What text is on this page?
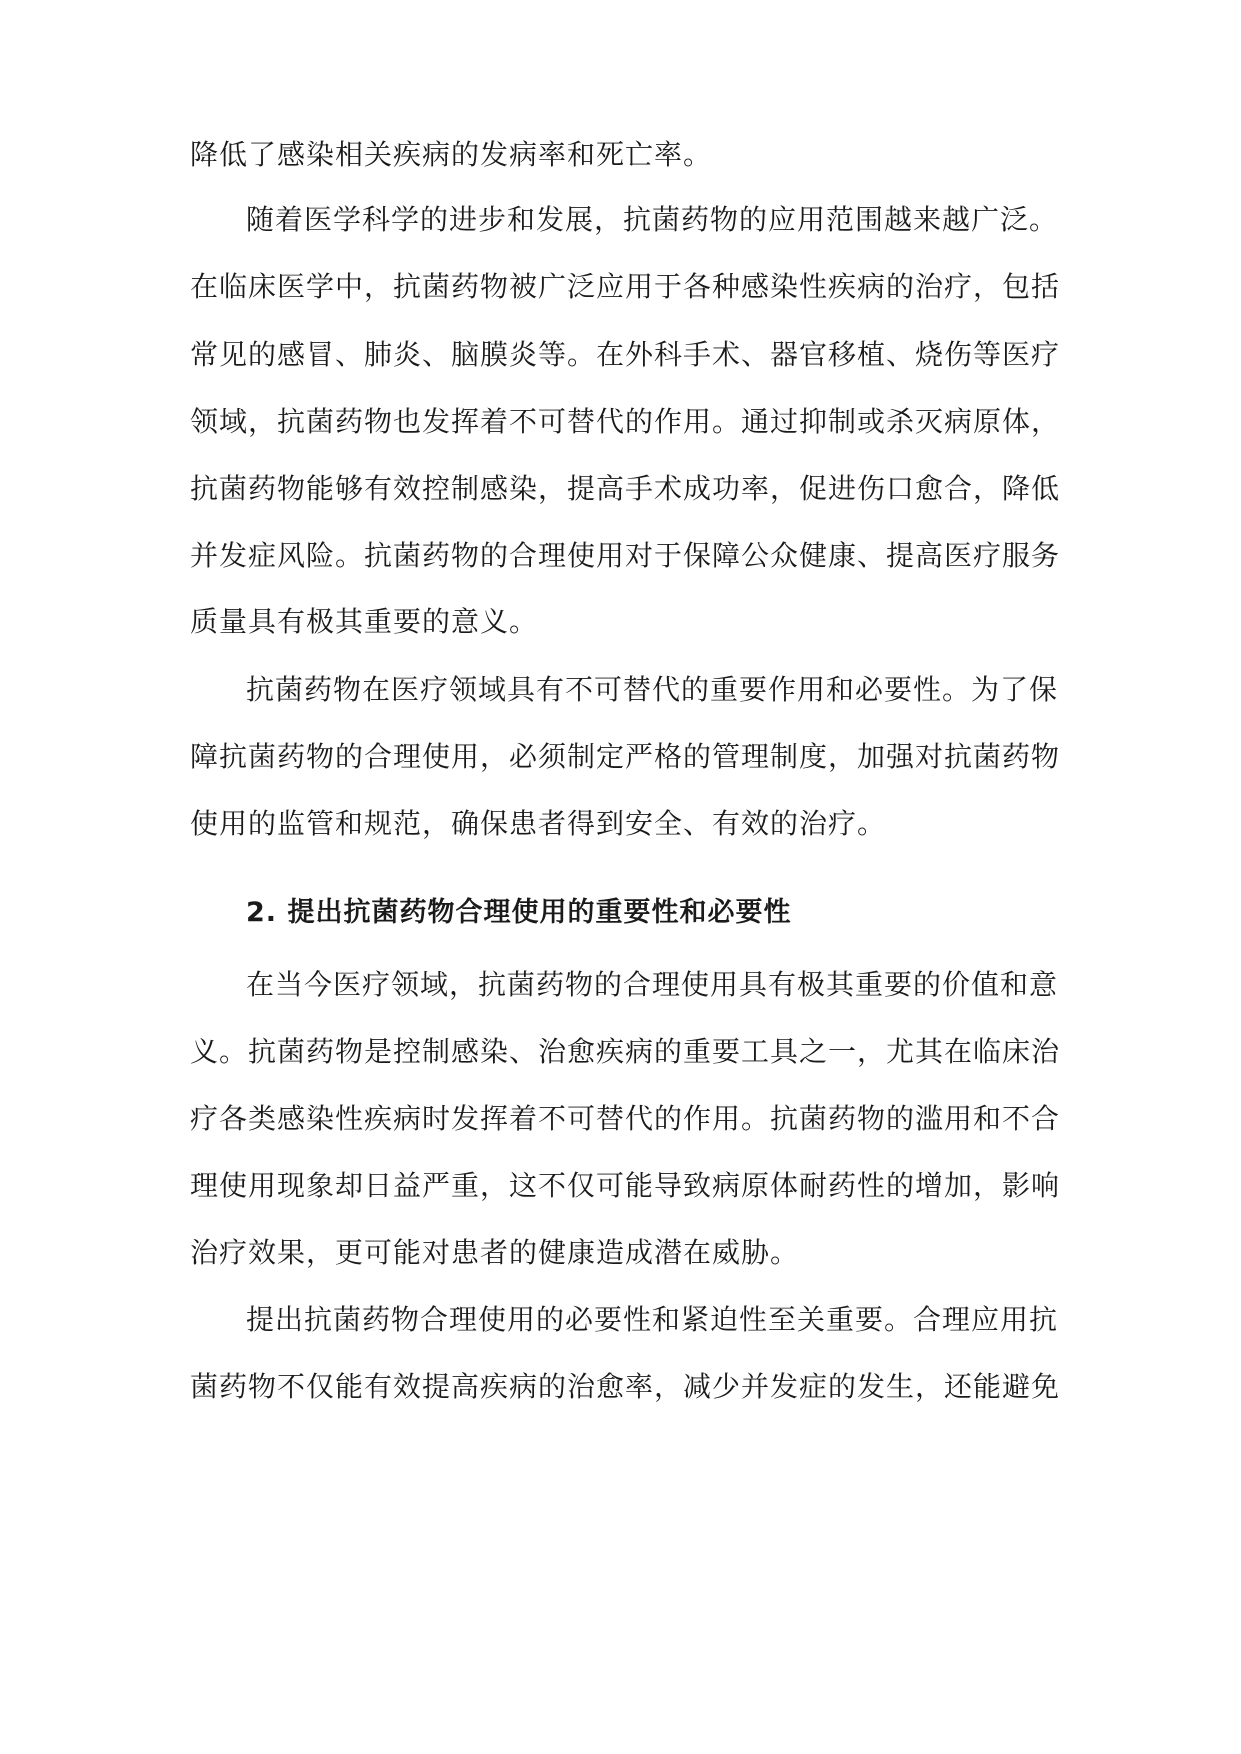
降低了感染相关疾病的发病率和死亡率。
随着医学科学的进步和发展，抗菌药物的应用范围越来越广泛。
在临床医学中，抗菌药物被广泛应用于各种感染性疾病的治疗，包括
常见的感冒、肺炎、脑膜炎等。在外科手术、器官移植、烧伤等医疗
领域，抗菌药物也发挥着不可替代的作用。通过抑制或杀灭病原体，
抗菌药物能够有效控制感染，提高手术成功率，促进伤口愈合，降低
并发症风险。抗菌药物的合理使用对于保障公众健康、提高医疗服务
质量具有极其重要的意义。
抗菌药物在医疗领域具有不可替代的重要作用和必要性。为了保
障抗菌药物的合理使用，必须制定严格的管理制度，加强对抗菌药物
使用的监管和规范，确保患者得到安全、有效的治疗。
2. 提出抗菌药物合理使用的重要性和必要性
在当今医疗领域，抗菌药物的合理使用具有极其重要的价值和意
义。抗菌药物是控制感染、治愈疾病的重要工具之一，尤其在临床治
疗各类感染性疾病时发挥着不可替代的作用。抗菌药物的滥用和不合
理使用现象却日益严重，这不仅可能导致病原体耐药性的增加，影响
治疗效果，更可能对患者的健康造成潜在威胁。
提出抗菌药物合理使用的必要性和紧迫性至关重要。合理应用抗
菌药物不仅能有效提高疾病的治愈率，减少并发症的发生，还能避免
